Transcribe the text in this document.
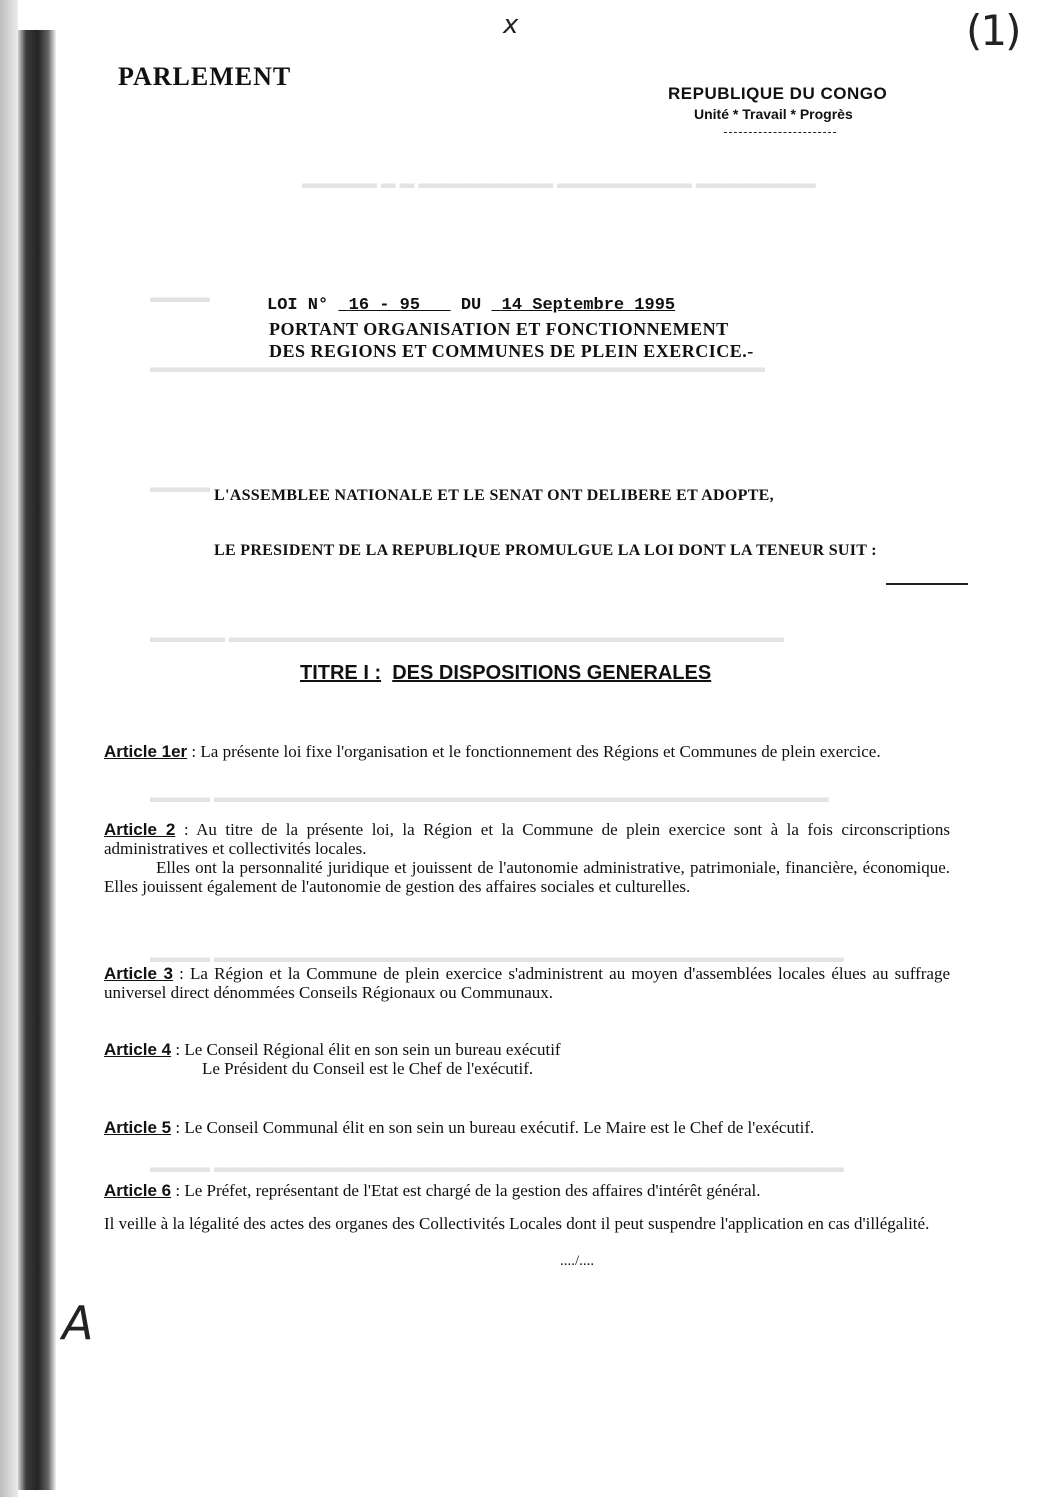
▬▬▬▬▬ ▬ ▬ ▬▬▬▬▬▬▬▬▬ ▬▬▬▬▬▬▬▬▬ ▬▬▬▬▬▬▬▬
▬▬▬▬
▬▬▬▬▬▬▬▬▬▬▬▬▬▬▬▬▬▬▬▬▬▬▬▬▬▬▬▬▬▬▬▬▬▬▬▬▬▬▬▬▬
▬▬▬▬
▬▬▬▬▬ ▬▬▬▬▬▬▬▬▬▬▬▬▬▬▬▬▬▬▬▬▬▬▬▬▬▬▬▬▬▬▬▬▬▬▬▬▬
▬▬▬▬ ▬▬▬▬▬▬▬▬▬▬▬▬▬▬▬▬▬▬▬▬▬▬▬▬▬▬▬▬▬▬▬▬▬▬▬▬▬▬▬▬▬
▬▬▬▬ ▬▬▬▬▬▬▬▬▬▬▬▬▬▬▬▬▬▬▬▬▬▬▬▬▬▬▬▬▬▬▬▬▬▬▬▬▬▬▬▬▬▬
▬▬▬▬ ▬▬▬▬▬▬▬▬▬▬▬▬▬▬▬▬▬▬▬▬▬▬▬▬▬▬▬▬▬▬▬▬▬▬▬▬▬▬▬▬▬▬
x	(1)
PARLEMENT
REPUBLIQUE DU CONGO
Unité * Travail * Progrès
LOI N° 16 - 95 DU 14 Septembre 1995
PORTANT ORGANISATION ET FONCTIONNEMENT
DES REGIONS ET COMMUNES DE PLEIN EXERCICE.-
L'ASSEMBLEE NATIONALE ET LE SENAT ONT DELIBERE ET ADOPTE,
LE PRESIDENT DE LA REPUBLIQUE PROMULGUE LA LOI DONT LA TENEUR SUIT :
TITRE I : DES DISPOSITIONS GENERALES

Article 1er : La présente loi fixe l'organisation et le fonctionnement des Régions et Communes de plein exercice.

Article 2 : Au titre de la présente loi, la Région et la Commune de plein exercice sont à la fois circonscriptions administratives et collectivités locales.

Elles ont la personnalité juridique et jouissent de l'autonomie administrative, patrimoniale, financière, économique. Elles jouissent également de l'autonomie de gestion des affaires sociales et culturelles.

Article 3 : La Région et la Commune de plein exercice s'administrent au moyen d'assemblées locales élues au suffrage universel direct dénommées Conseils Régionaux ou Communaux.

Article 4 : Le Conseil Régional élit en son sein un bureau exécutif

Le Président du Conseil est le Chef de l'exécutif.

Article 5 : Le Conseil Communal élit en son sein un bureau exécutif. Le Maire est le Chef de l'exécutif.

Article 6 : Le Préfet, représentant de l'Etat est chargé de la gestion des affaires d'intérêt général.

Il veille à la légalité des actes des organes des Collectivités Locales dont il peut suspendre l'application en cas d'illégalité.

..../....
A
